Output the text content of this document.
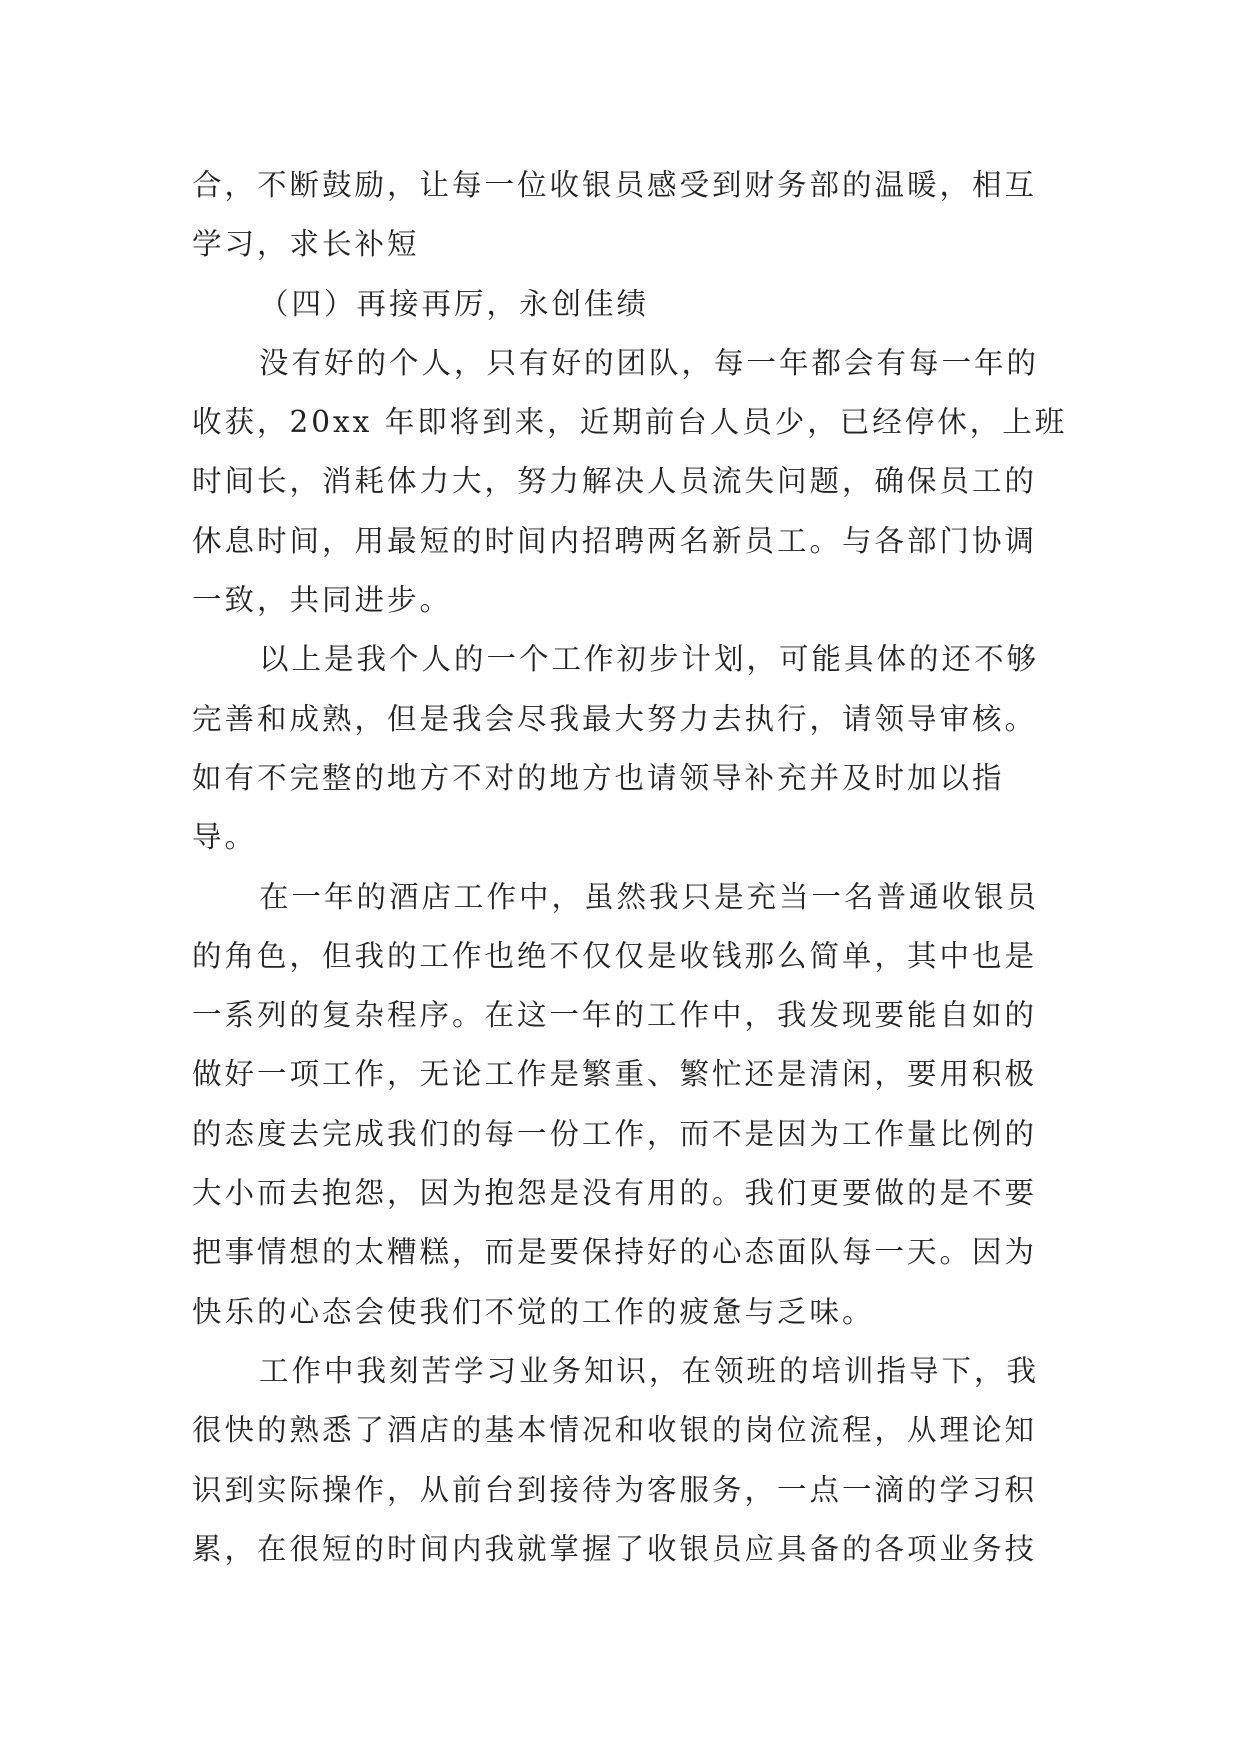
合，不断鼓励，让每一位收银员感受到财务部的温暖，相互
学习，求长补短
（四）再接再厉，永创佳绩
没有好的个人，只有好的团队，每一年都会有每一年的
收获，20xx 年即将到来，近期前台人员少，已经停休，上班
时间长，消耗体力大，努力解决人员流失问题，确保员工的
休息时间，用最短的时间内招聘两名新员工。与各部门协调
一致，共同进步。
以上是我个人的一个工作初步计划，可能具体的还不够
完善和成熟，但是我会尽我最大努力去执行，请领导审核。
如有不完整的地方不对的地方也请领导补充并及时加以指
导。
在一年的酒店工作中，虽然我只是充当一名普通收银员
的角色，但我的工作也绝不仅仅是收钱那么简单，其中也是
一系列的复杂程序。在这一年的工作中，我发现要能自如的
做好一项工作，无论工作是繁重、繁忙还是清闲，要用积极
的态度去完成我们的每一份工作，而不是因为工作量比例的
大小而去抱怨，因为抱怨是没有用的。我们更要做的是不要
把事情想的太糟糕，而是要保持好的心态面队每一天。因为
快乐的心态会使我们不觉的工作的疲惫与乏味。
工作中我刻苦学习业务知识，在领班的培训指导下，我
很快的熟悉了酒店的基本情况和收银的岗位流程，从理论知
识到实际操作，从前台到接待为客服务，一点一滴的学习积
累，在很短的时间内我就掌握了收银员应具备的各项业务技
